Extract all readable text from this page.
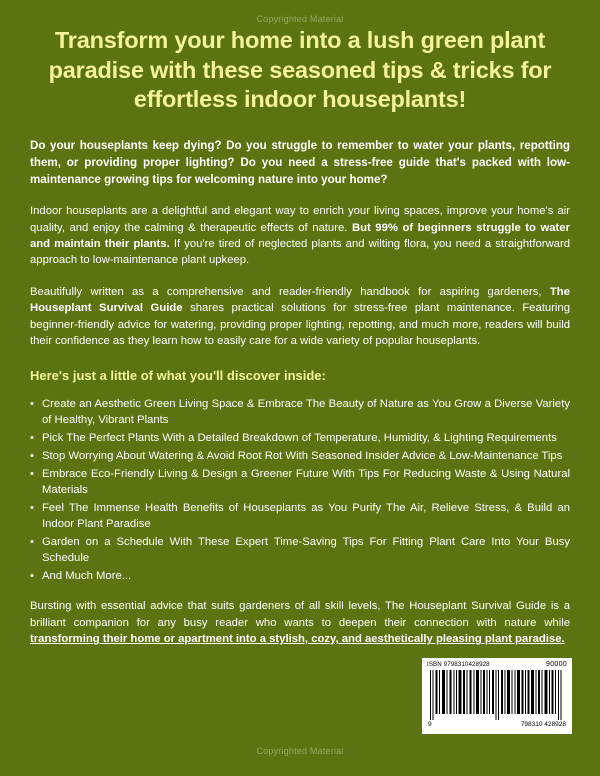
Copyrighted Material
Transform your home into a lush green plant paradise with these seasoned tips & tricks for effortless indoor houseplants!

Do your houseplants keep dying? Do you struggle to remember to water your plants, repotting them, or providing proper lighting? Do you need a stress-free guide that's packed with low-maintenance growing tips for welcoming nature into your home?

Indoor houseplants are a delightful and elegant way to enrich your living spaces, improve your home's air quality, and enjoy the calming & therapeutic effects of nature. But 99% of beginners struggle to water and maintain their plants. If you're tired of neglected plants and wilting flora, you need a straightforward approach to low-maintenance plant upkeep.

Beautifully written as a comprehensive and reader-friendly handbook for aspiring gardeners, The Houseplant Survival Guide shares practical solutions for stress-free plant maintenance. Featuring beginner-friendly advice for watering, providing proper lighting, repotting, and much more, readers will build their confidence as they learn how to easily care for a wide variety of popular houseplants.

Here's just a little of what you'll discover inside:
• Create an Aesthetic Green Living Space & Embrace The Beauty of Nature as You Grow a Diverse Variety of Healthy, Vibrant Plants
• Pick The Perfect Plants With a Detailed Breakdown of Temperature, Humidity, & Lighting Requirements
• Stop Worrying About Watering & Avoid Root Rot With Seasoned Insider Advice & Low-Maintenance Tips
• Embrace Eco-Friendly Living & Design a Greener Future With Tips For Reducing Waste & Using Natural Materials
• Feel The Immense Health Benefits of Houseplants as You Purify The Air, Relieve Stress, & Build an Indoor Plant Paradise
• Garden on a Schedule With These Expert Time-Saving Tips For Fitting Plant Care Into Your Busy Schedule
• And Much More...

Bursting with essential advice that suits gardeners of all skill levels, The Houseplant Survival Guide is a brilliant companion for any busy reader who wants to deepen their connection with nature while transforming their home or apartment into a stylish, cozy, and aesthetically pleasing plant paradise.

ISBN 9798310428928	90000
9	798310 428928
Copyrighted Material
